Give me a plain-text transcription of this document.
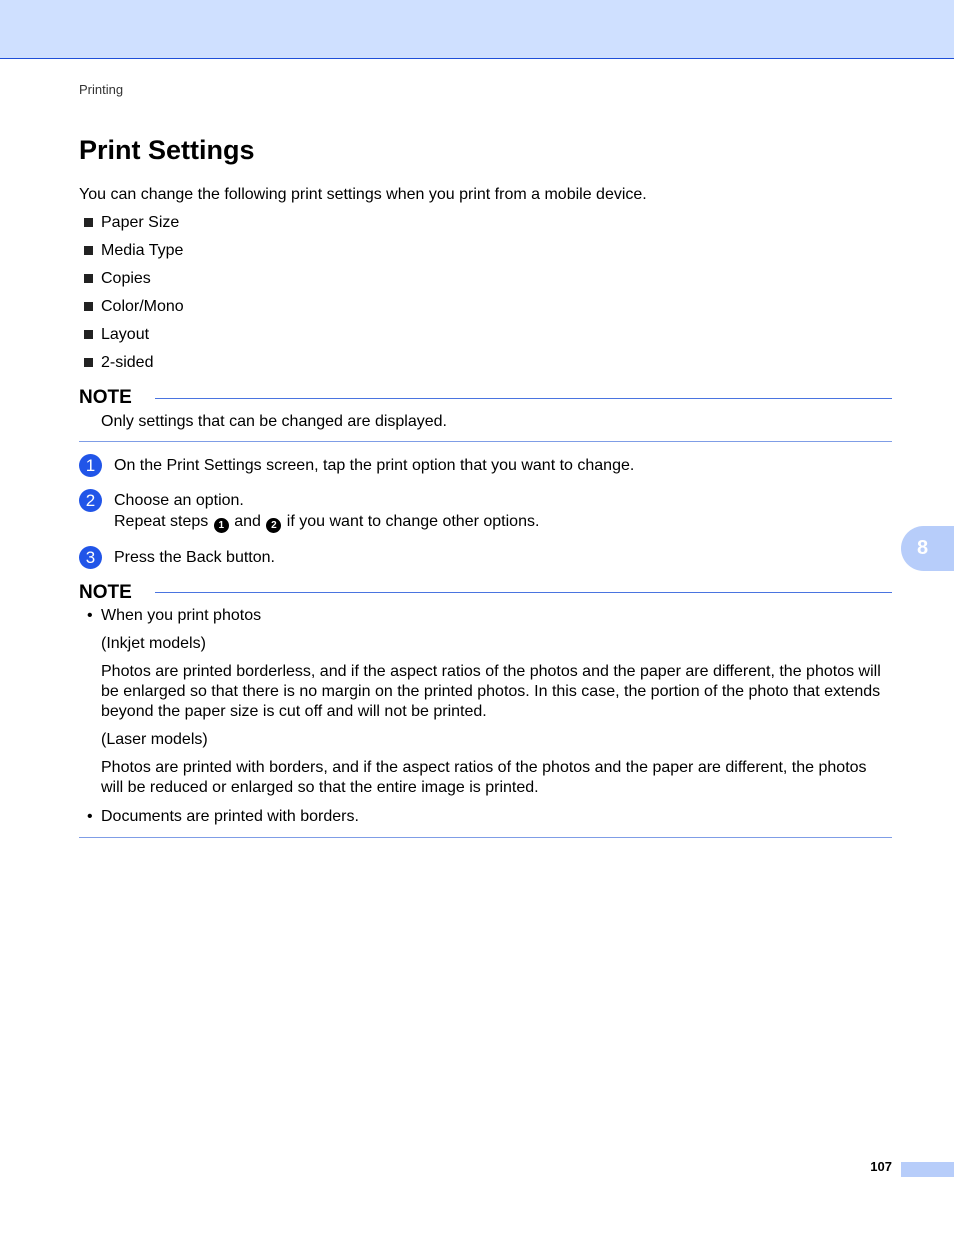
Printing
Print Settings
You can change the following print settings when you print from a mobile device.
Paper Size
Media Type
Copies
Color/Mono
Layout
2-sided
NOTE
Only settings that can be changed are displayed.
1	On the Print Settings screen, tap the print option that you want to change.
2	Choose an option.
Repeat steps 1 and 2 if you want to change other options.
3	Press the Back button.	8
NOTE
• When you print photos
(Inkjet models)
Photos are printed borderless, and if the aspect ratios of the photos and the paper are different, the photos will be enlarged so that there is no margin on the printed photos. In this case, the portion of the photo that extends beyond the paper size is cut off and will not be printed.
(Laser models)
Photos are printed with borders, and if the aspect ratios of the photos and the paper are different, the photos will be reduced or enlarged so that the entire image is printed.
• Documents are printed with borders.
107
